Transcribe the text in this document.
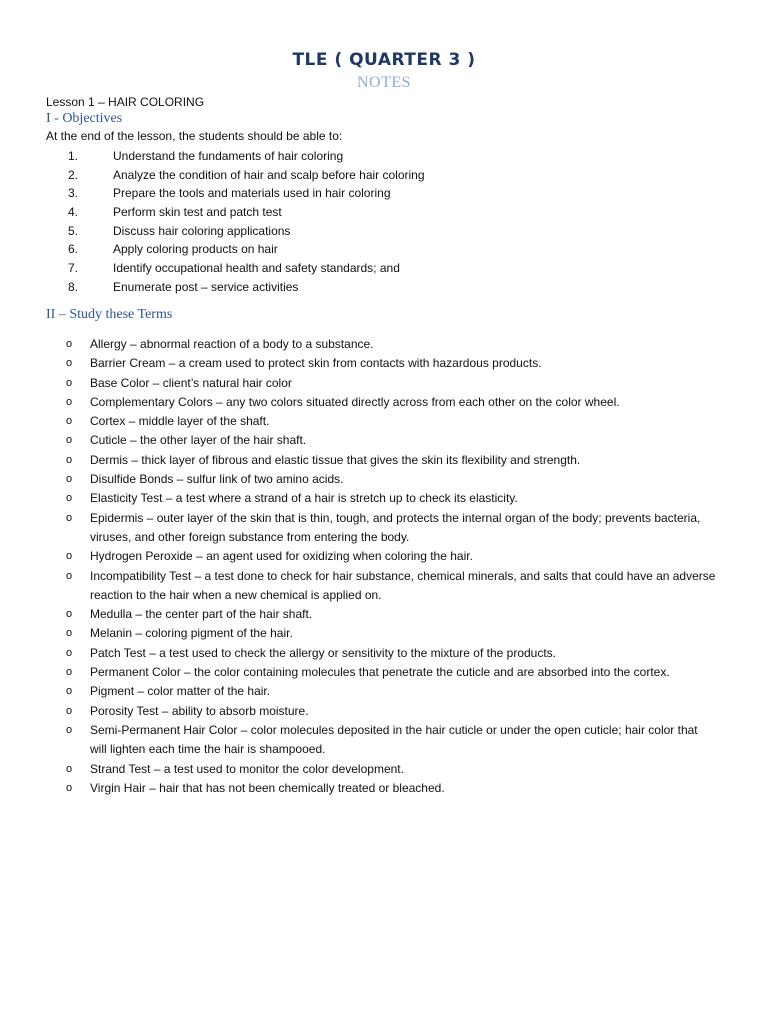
TLE ( QUARTER 3 )
NOTES
Lesson 1 – HAIR COLORING
I - Objectives
At the end of the lesson, the students should be able to:
1.	Understand the fundaments of hair coloring
2.	Analyze the condition of hair and scalp before hair coloring
3.	Prepare the tools and materials used in hair coloring
4.	Perform skin test and patch test
5.	Discuss hair coloring applications
6.	Apply coloring products on hair
7.	Identify occupational health and safety standards; and
8.	Enumerate post – service activities
II – Study these Terms
o	Allergy – abnormal reaction of a body to a substance.
o	Barrier Cream – a cream used to protect skin from contacts with hazardous products.
o	Base Color – client’s natural hair color
o	Complementary Colors – any two colors situated directly across from each other on the color wheel.
o	Cortex – middle layer of the shaft.
o	Cuticle – the other layer of the hair shaft.
o	Dermis – thick layer of fibrous and elastic tissue that gives the skin its flexibility and strength.
o	Disulfide Bonds – sulfur link of two amino acids.
o	Elasticity Test – a test where a strand of a hair is stretch up to check its elasticity.
o	Epidermis – outer layer of the skin that is thin, tough, and protects the internal organ of the body; prevents bacteria, viruses, and other foreign substance from entering the body.
o	Hydrogen Peroxide – an agent used for oxidizing when coloring the hair.
o	Incompatibility Test – a test done to check for hair substance, chemical minerals, and salts that could have an adverse reaction to the hair when a new chemical is applied on.
o	Medulla – the center part of the hair shaft.
o	Melanin – coloring pigment of the hair.
o	Patch Test – a test used to check the allergy or sensitivity to the mixture of the products.
o	Permanent Color – the color containing molecules that penetrate the cuticle and are absorbed into the cortex.
o	Pigment – color matter of the hair.
o	Porosity Test – ability to absorb moisture.
o	Semi-Permanent Hair Color – color molecules deposited in the hair cuticle or under the open cuticle; hair color that will lighten each time the hair is shampooed.
o	Strand Test – a test used to monitor the color development.
o	Virgin Hair – hair that has not been chemically treated or bleached.
